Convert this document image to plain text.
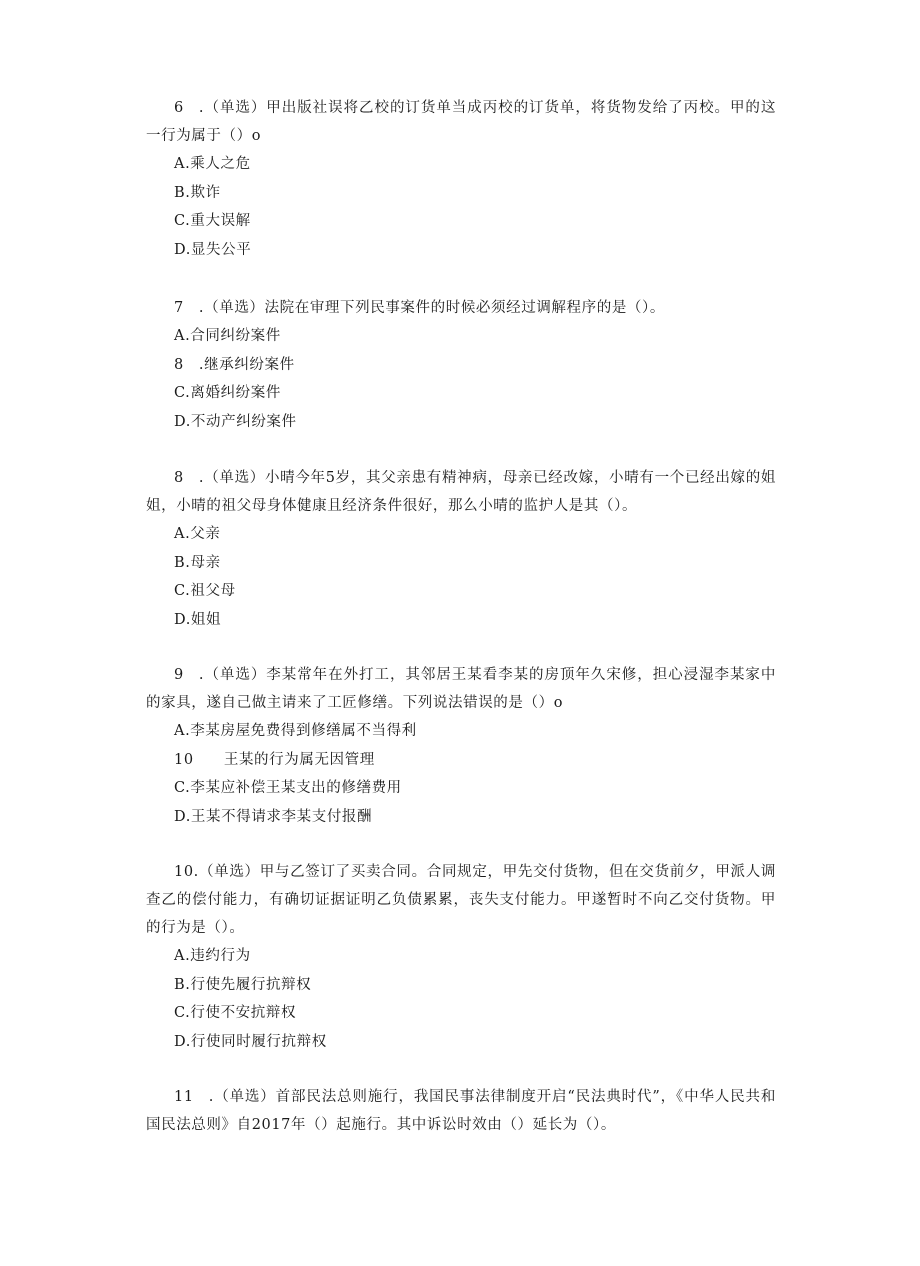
6 .（单选）甲出版社误将乙校的订货单当成丙校的订货单，将货物发给了丙校。甲的这一行为属于（）o

A.乘人之危
B.欺诈
C.重大误解
D.显失公平

7 .（单选）法院在审理下列民事案件的时候必须经过调解程序的是（）。

A.合同纠纷案件
8 .继承纠纷案件
C.离婚纠纷案件
D.不动产纠纷案件

8 .（单选）小晴今年5岁，其父亲患有精神病，母亲已经改嫁，小晴有一个已经出嫁的姐姐，小晴的祖父母身体健康且经济条件很好，那么小晴的监护人是其（）。

A.父亲
B.母亲
C.祖父母
D.姐姐

9 .（单选）李某常年在外打工，其邻居王某看李某的房顶年久宋修，担心浸湿李某家中的家具，遂自己做主请来了工匠修缮。下列说法错误的是（）o

A.李某房屋免费得到修缮属不当得利
10  王某的行为属无因管理
C.李某应补偿王某支出的修缮费用
D.王某不得请求李某支付报酬

10.（单选）甲与乙签订了买卖合同。合同规定，甲先交付货物，但在交货前夕，甲派人调查乙的偿付能力，有确切证据证明乙负债累累，丧失支付能力。甲遂暂时不向乙交付货物。甲的行为是（）。

A.违约行为
B.行使先履行抗辩权
C.行使不安抗辩权
D.行使同时履行抗辩权

11 .（单选）首部民法总则施行，我国民事法律制度开启“民法典时代”，《中华人民共和国民法总则》自2017年（）起施行。其中诉讼时效由（）延长为（）。
